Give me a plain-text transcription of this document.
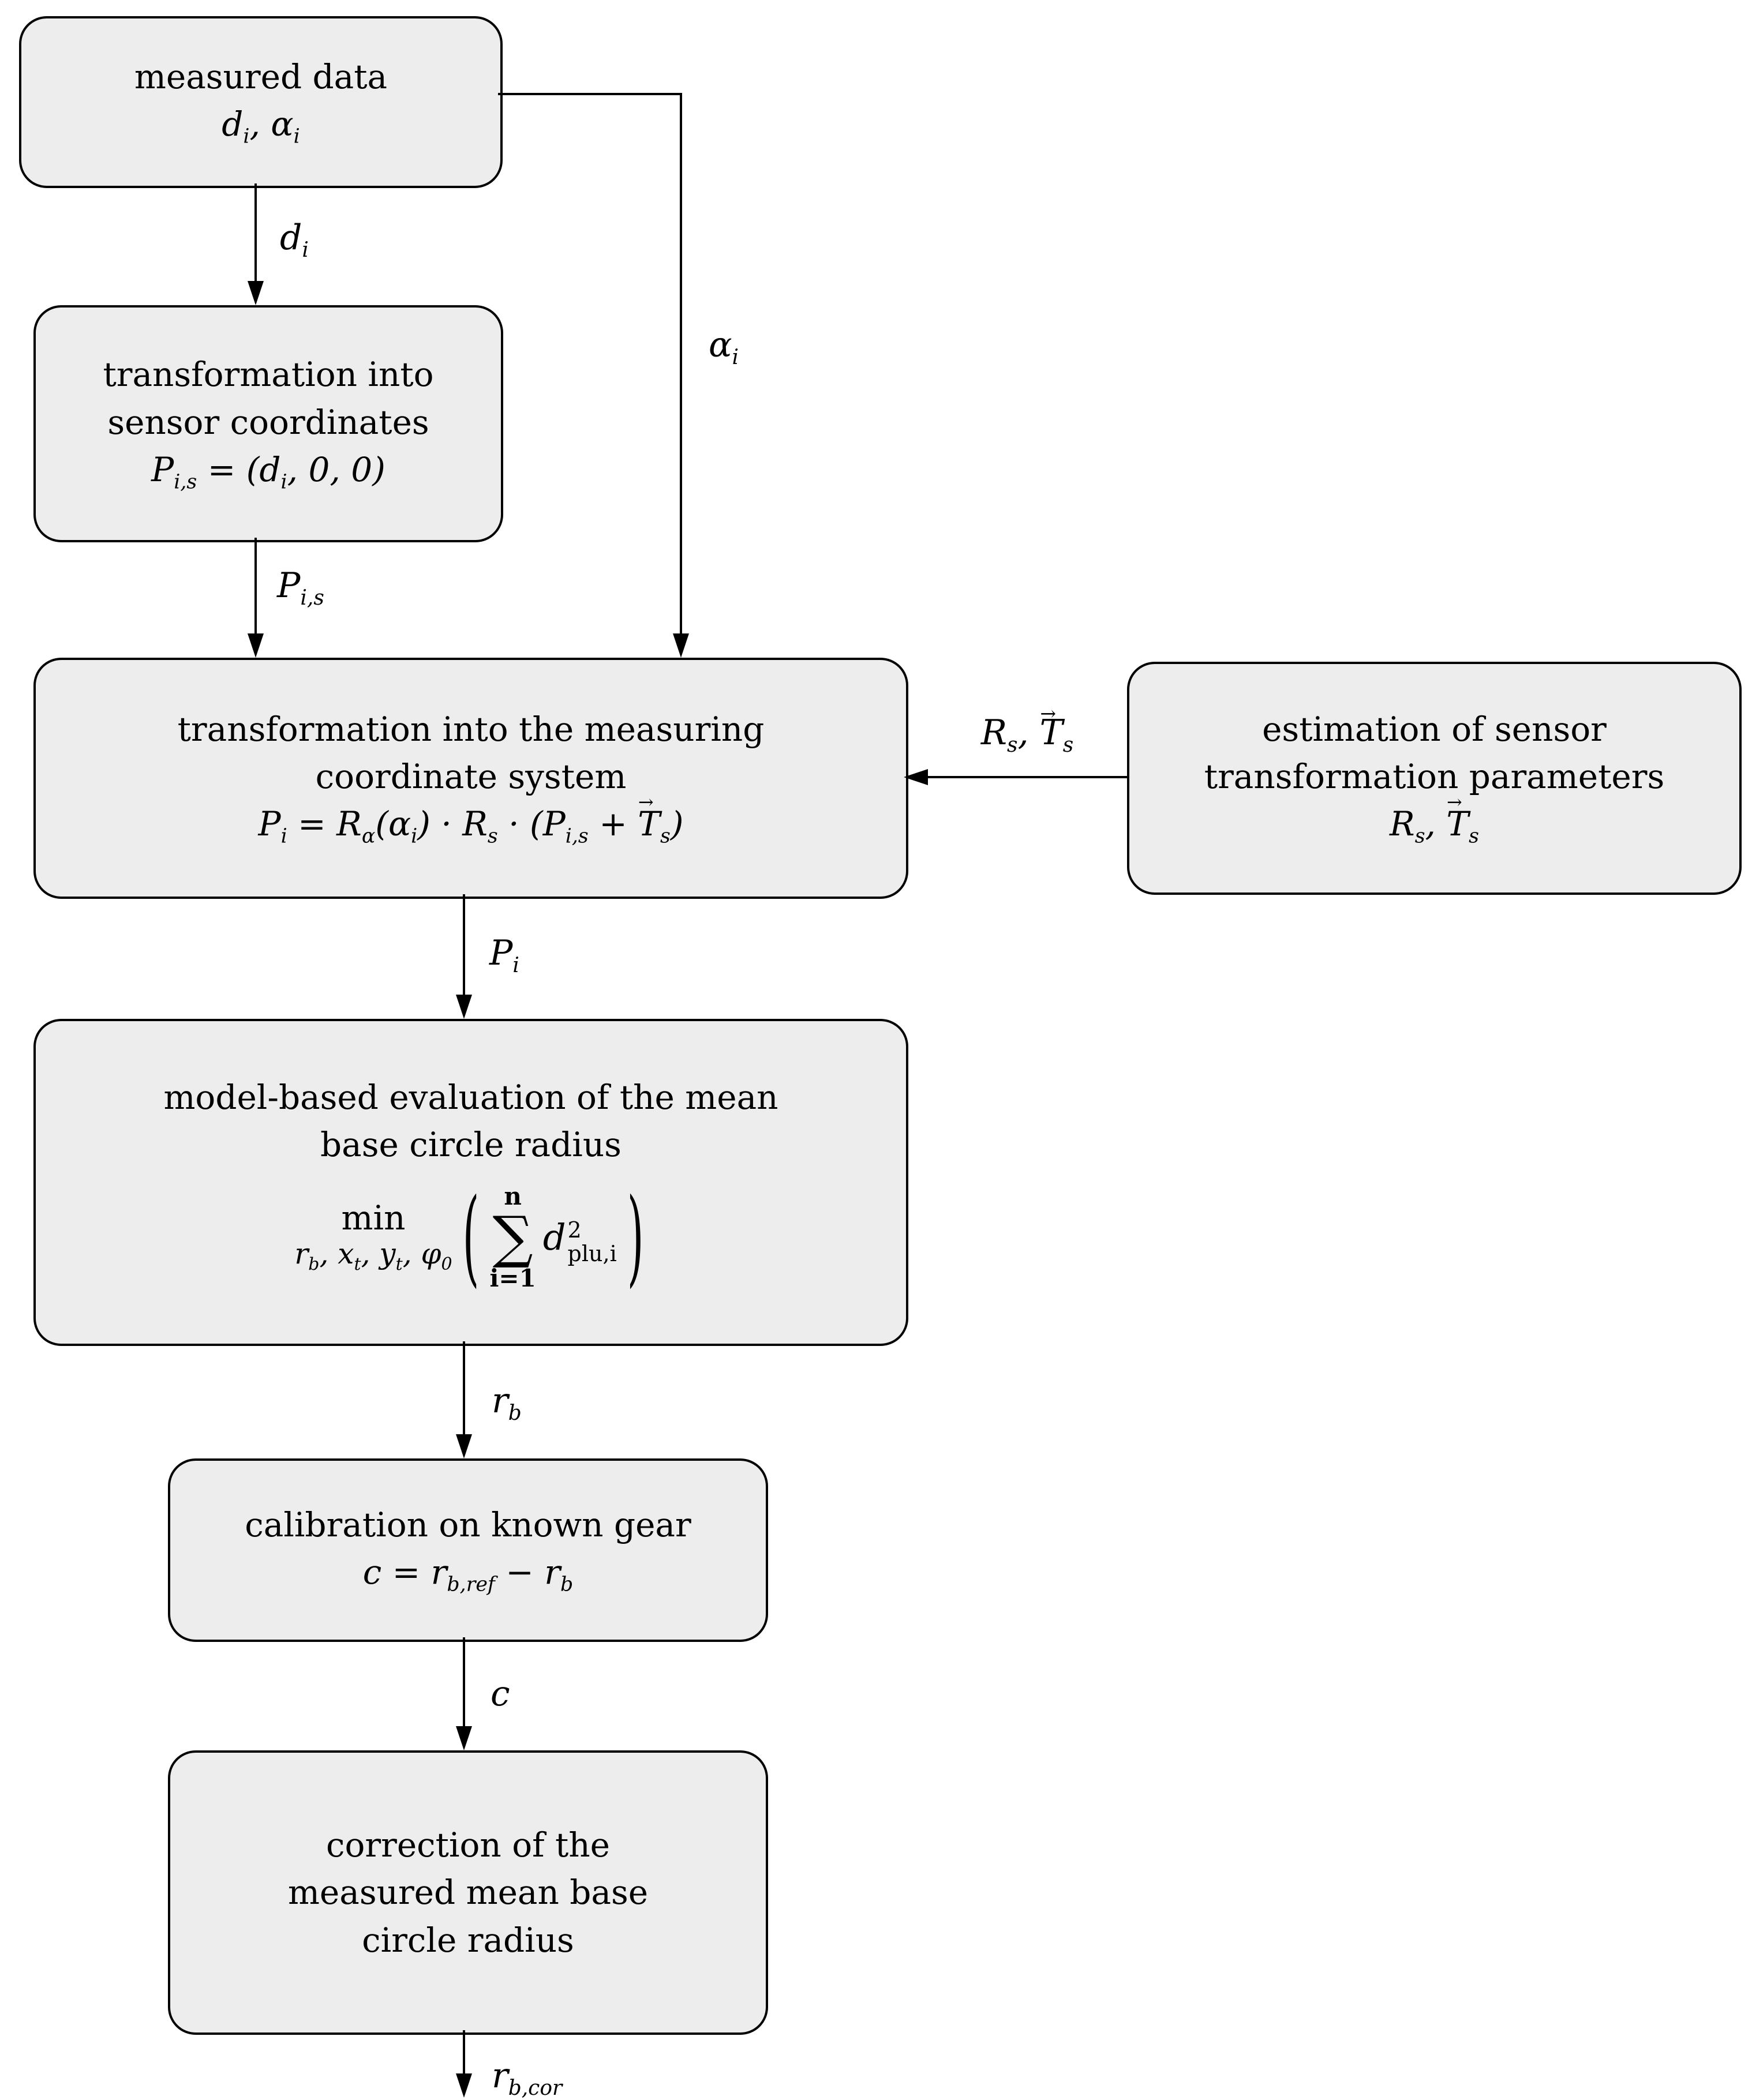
measured data
$d_i$, $\alpha_i$
transformation into
sensor coordinates
$P_{i,s} = (d_i$, 0, 0)
transformation into the measuring
coordinate system
$P_i = R_\alpha(\alpha_i) \cdot R_s \cdot (P_{i,s} + T \to_s)$
estimation of sensor
transformation parameters
$R_s$, $T \to_s$
model-based evaluation of the mean
base circle radius
min
$r_b$, $x_t$, $y_t$, $\varphi_0$ ( n
∑
i=1
d 2
plu,i )
calibration on known gear
$c = r_{b,ref} - r_b$
correction of the
measured mean base
circle radius
$d_i$
$P_{i,s}$
$\alpha_i$
$R_s$, $T \to_s$
$P_i$
$r_b$
c
$r_{b,cor}$
